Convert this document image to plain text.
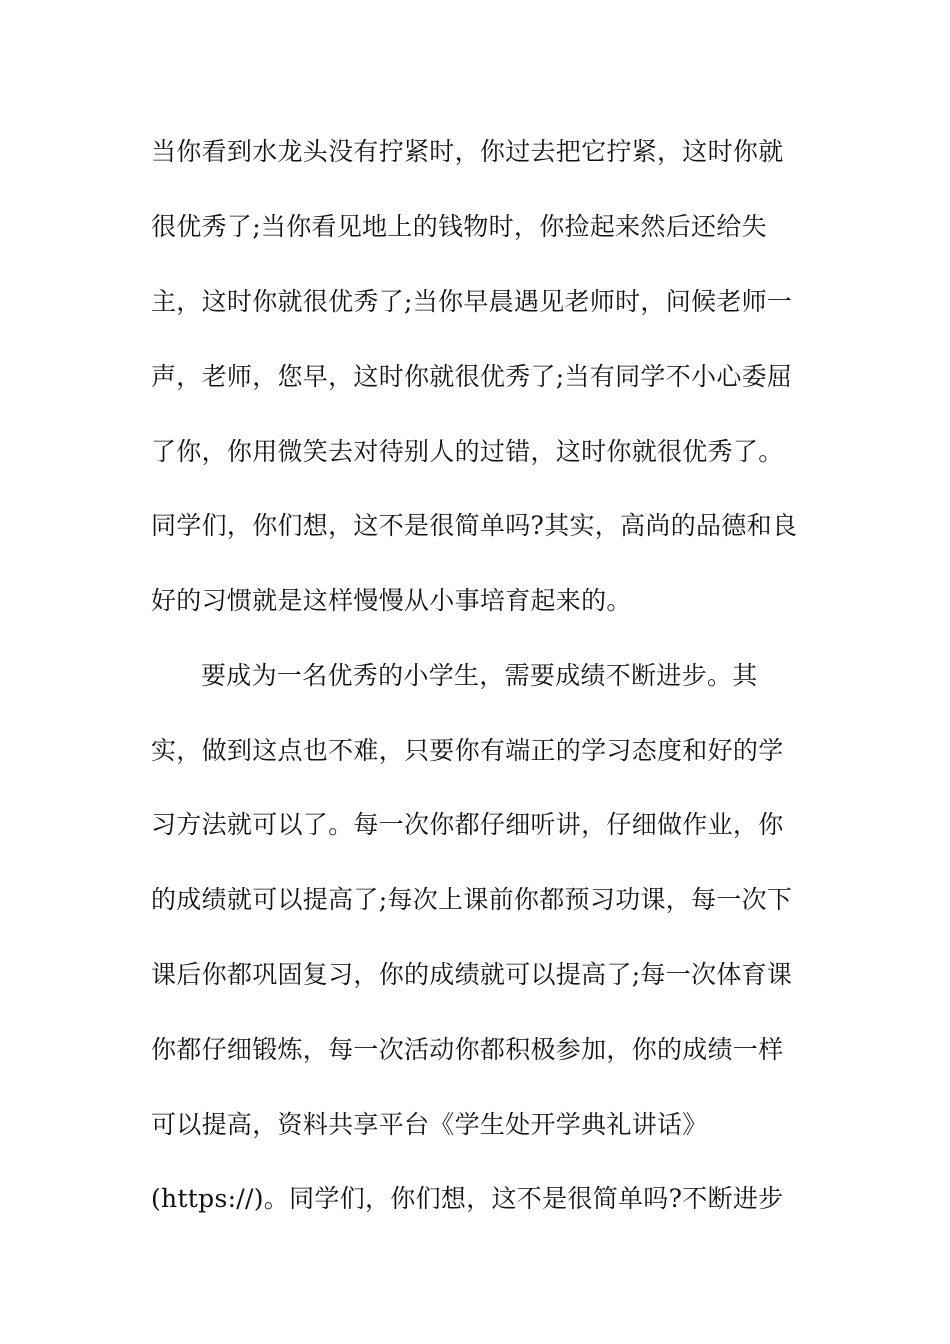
当你看到水龙头没有拧紧时，你过去把它拧紧，这时你就
很优秀了;当你看见地上的钱物时，你捡起来然后还给失
主，这时你就很优秀了;当你早晨遇见老师时，问候老师一
声，老师，您早，这时你就很优秀了;当有同学不小心委屈
了你，你用微笑去对待别人的过错，这时你就很优秀了。
同学们，你们想，这不是很简单吗?其实，高尚的品德和良
好的习惯就是这样慢慢从小事培育起来的。
要成为一名优秀的小学生，需要成绩不断进步。其
实，做到这点也不难，只要你有端正的学习态度和好的学
习方法就可以了。每一次你都仔细听讲，仔细做作业，你
的成绩就可以提高了;每次上课前你都预习功课，每一次下
课后你都巩固复习，你的成绩就可以提高了;每一次体育课
你都仔细锻炼，每一次活动你都积极参加，你的成绩一样
可以提高，资料共享平台《学生处开学典礼讲话》
(https://)。同学们，你们想，这不是很简单吗?不断进步
